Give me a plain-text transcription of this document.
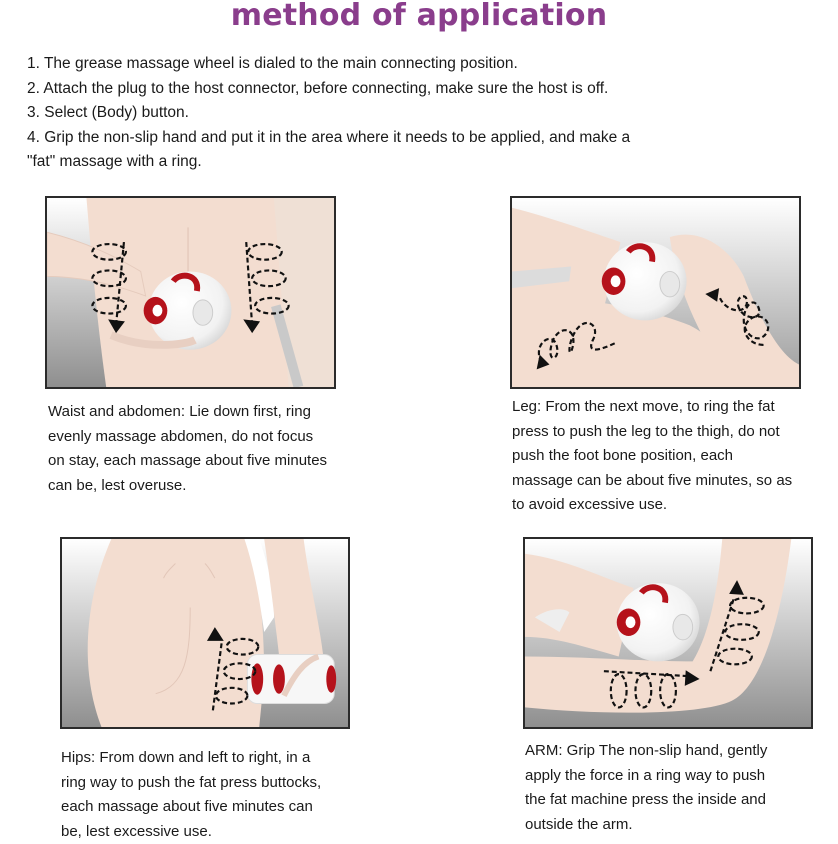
method of application
1. The grease massage wheel is dialed to the main connecting position.
2. Attach the plug to the host connector, before connecting, make sure the host is off.
3. Select (Body) button.
4. Grip the non-slip hand and put it in the area where it needs to be applied, and make a
"fat" massage with a ring.
Waist and abdomen: Lie down first, ring
evenly massage abdomen, do not focus
on stay, each massage about five minutes
can be, lest overuse.
Leg: From the next move, to ring the fat
press to push the leg to the thigh, do not
push the foot bone position, each
massage can be about five minutes, so as
to avoid excessive use.
Hips: From down and left to right, in a
ring way to push the fat press buttocks,
each massage about five minutes can
be, lest excessive use.
ARM: Grip The non-slip hand, gently
apply the force in a ring way to push
the fat machine press the inside and
outside the arm.
